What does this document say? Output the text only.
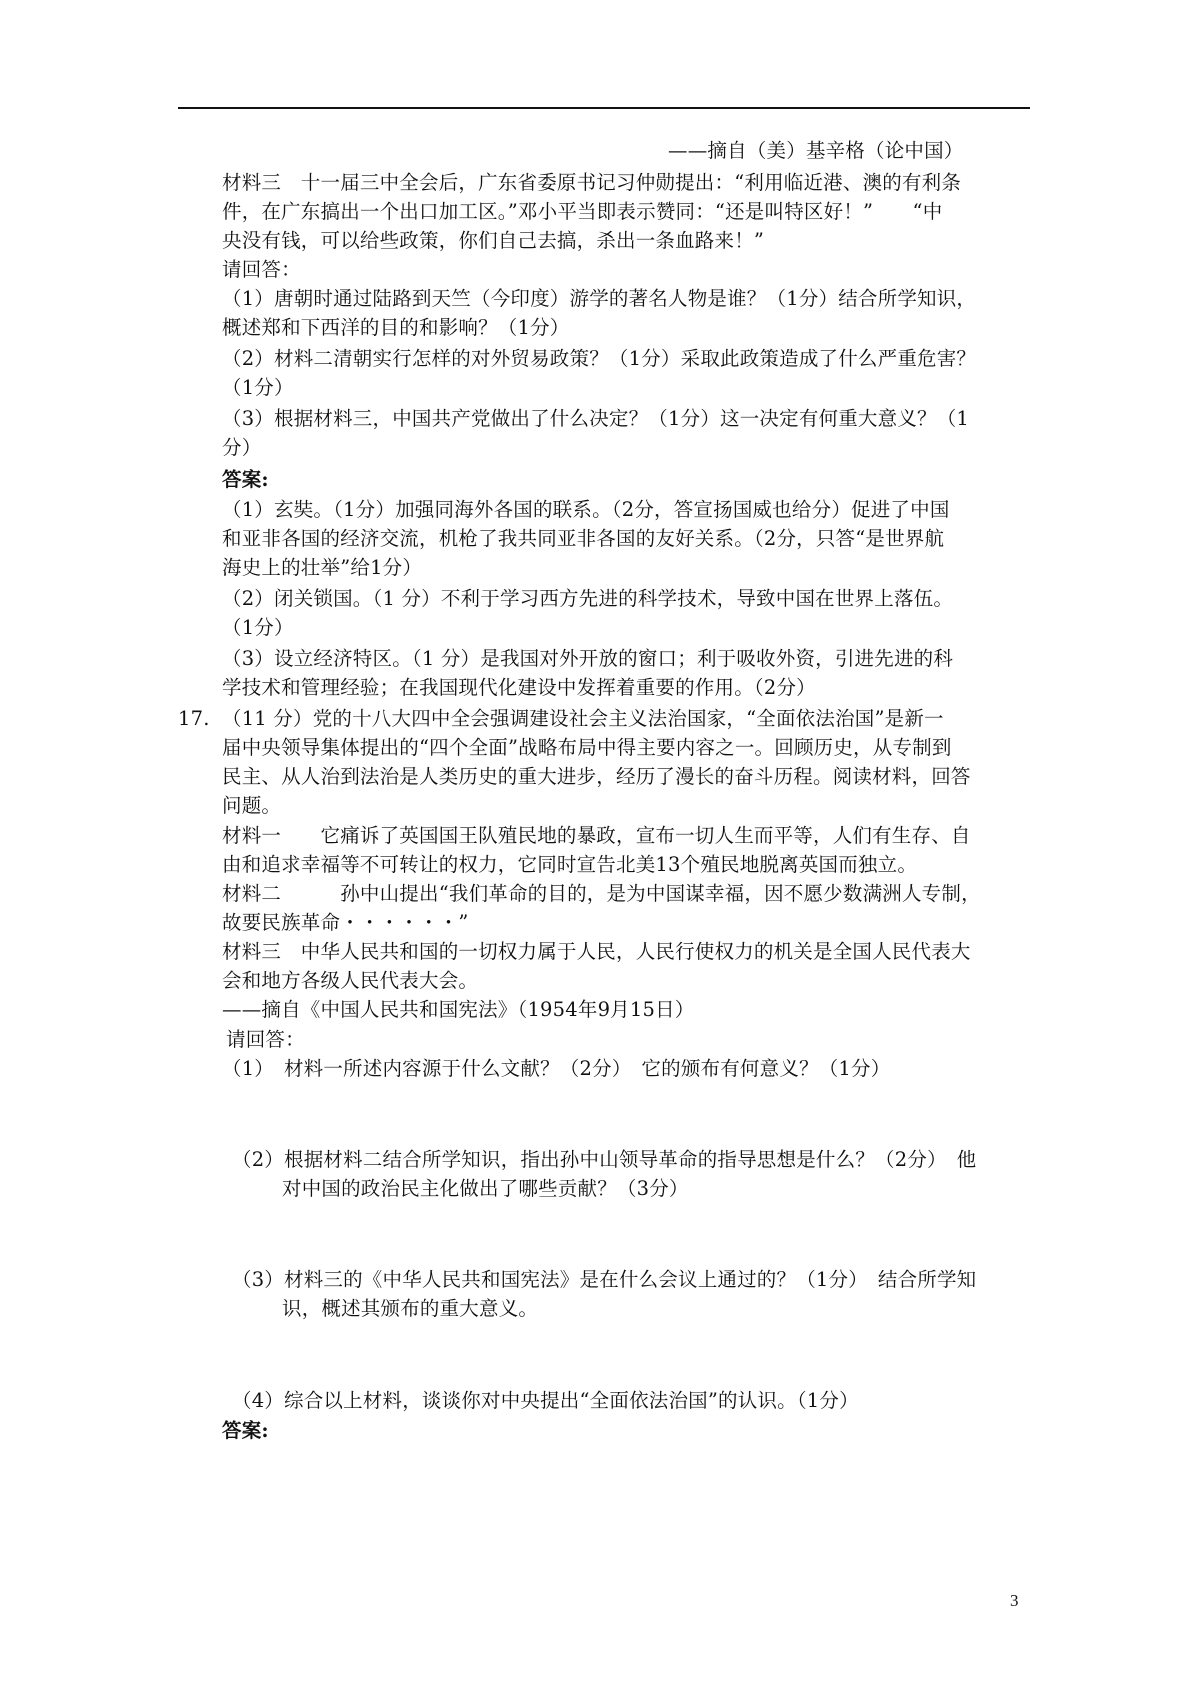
——摘自（美）基辛格（论中国）

材料三　十一届三中全会后，广东省委原书记习仲勋提出：“利用临近港、澳的有利条

件，在广东搞出一个出口加工区。”邓小平当即表示赞同：“还是叫特区好！”　　“中

央没有钱，可以给些政策，你们自己去搞，杀出一条血路来！”

请回答：

（1）唐朝时通过陆路到天竺（今印度）游学的著名人物是谁？（1分）结合所学知识，

概述郑和下西洋的目的和影响？（1分）

（2）材料二清朝实行怎样的对外贸易政策？（1分）采取此政策造成了什么严重危害？

（1分）

（3）根据材料三，中国共产党做出了什么决定？（1分）这一决定有何重大意义？（1

分）

答案:

（1）玄奘。（1分）加强同海外各国的联系。（2分，答宣扬国威也给分）促进了中国

和亚非各国的经济交流，机枪了我共同亚非各国的友好关系。（2分，只答“是世界航

海史上的壮举”给1分）

（2）闭关锁国。（1 分）不利于学习西方先进的科学技术，导致中国在世界上落伍。

（1分）

（3）设立经济特区。（1 分）是我国对外开放的窗口；利于吸收外资，引进先进的科

学技术和管理经验；在我国现代化建设中发挥着重要的作用。（2分）

17. （11 分）党的十八大四中全会强调建设社会主义法治国家，“全面依法治国”是新一

届中央领导集体提出的“四个全面”战略布局中得主要内容之一。回顾历史，从专制到

民主、从人治到法治是人类历史的重大进步，经历了漫长的奋斗历程。阅读材料，回答

问题。

材料一　　它痛诉了英国国王队殖民地的暴政，宣布一切人生而平等，人们有生存、自

由和追求幸福等不可转让的权力，它同时宣告北美13个殖民地脱离英国而独立。

材料二　　　孙中山提出“我们革命的目的，是为中国谋幸福，因不愿少数满洲人专制，

故要民族革命・・・・・・”

材料三　中华人民共和国的一切权力属于人民，人民行使权力的机关是全国人民代表大

会和地方各级人民代表大会。

——摘自《中国人民共和国宪法》（1954年9月15日）

请回答：

（1）　材料一所述内容源于什么文献？（2分）　它的颁布有何意义？（1分）

（2）根据材料二结合所学知识，指出孙中山领导革命的指导思想是什么？（2分）　他

对中国的政治民主化做出了哪些贡献？（3分）

（3）材料三的《中华人民共和国宪法》是在什么会议上通过的？（1分）　结合所学知

识，概述其颁布的重大意义。

（4）综合以上材料，谈谈你对中央提出“全面依法治国”的认识。（1分）

答案:

3
